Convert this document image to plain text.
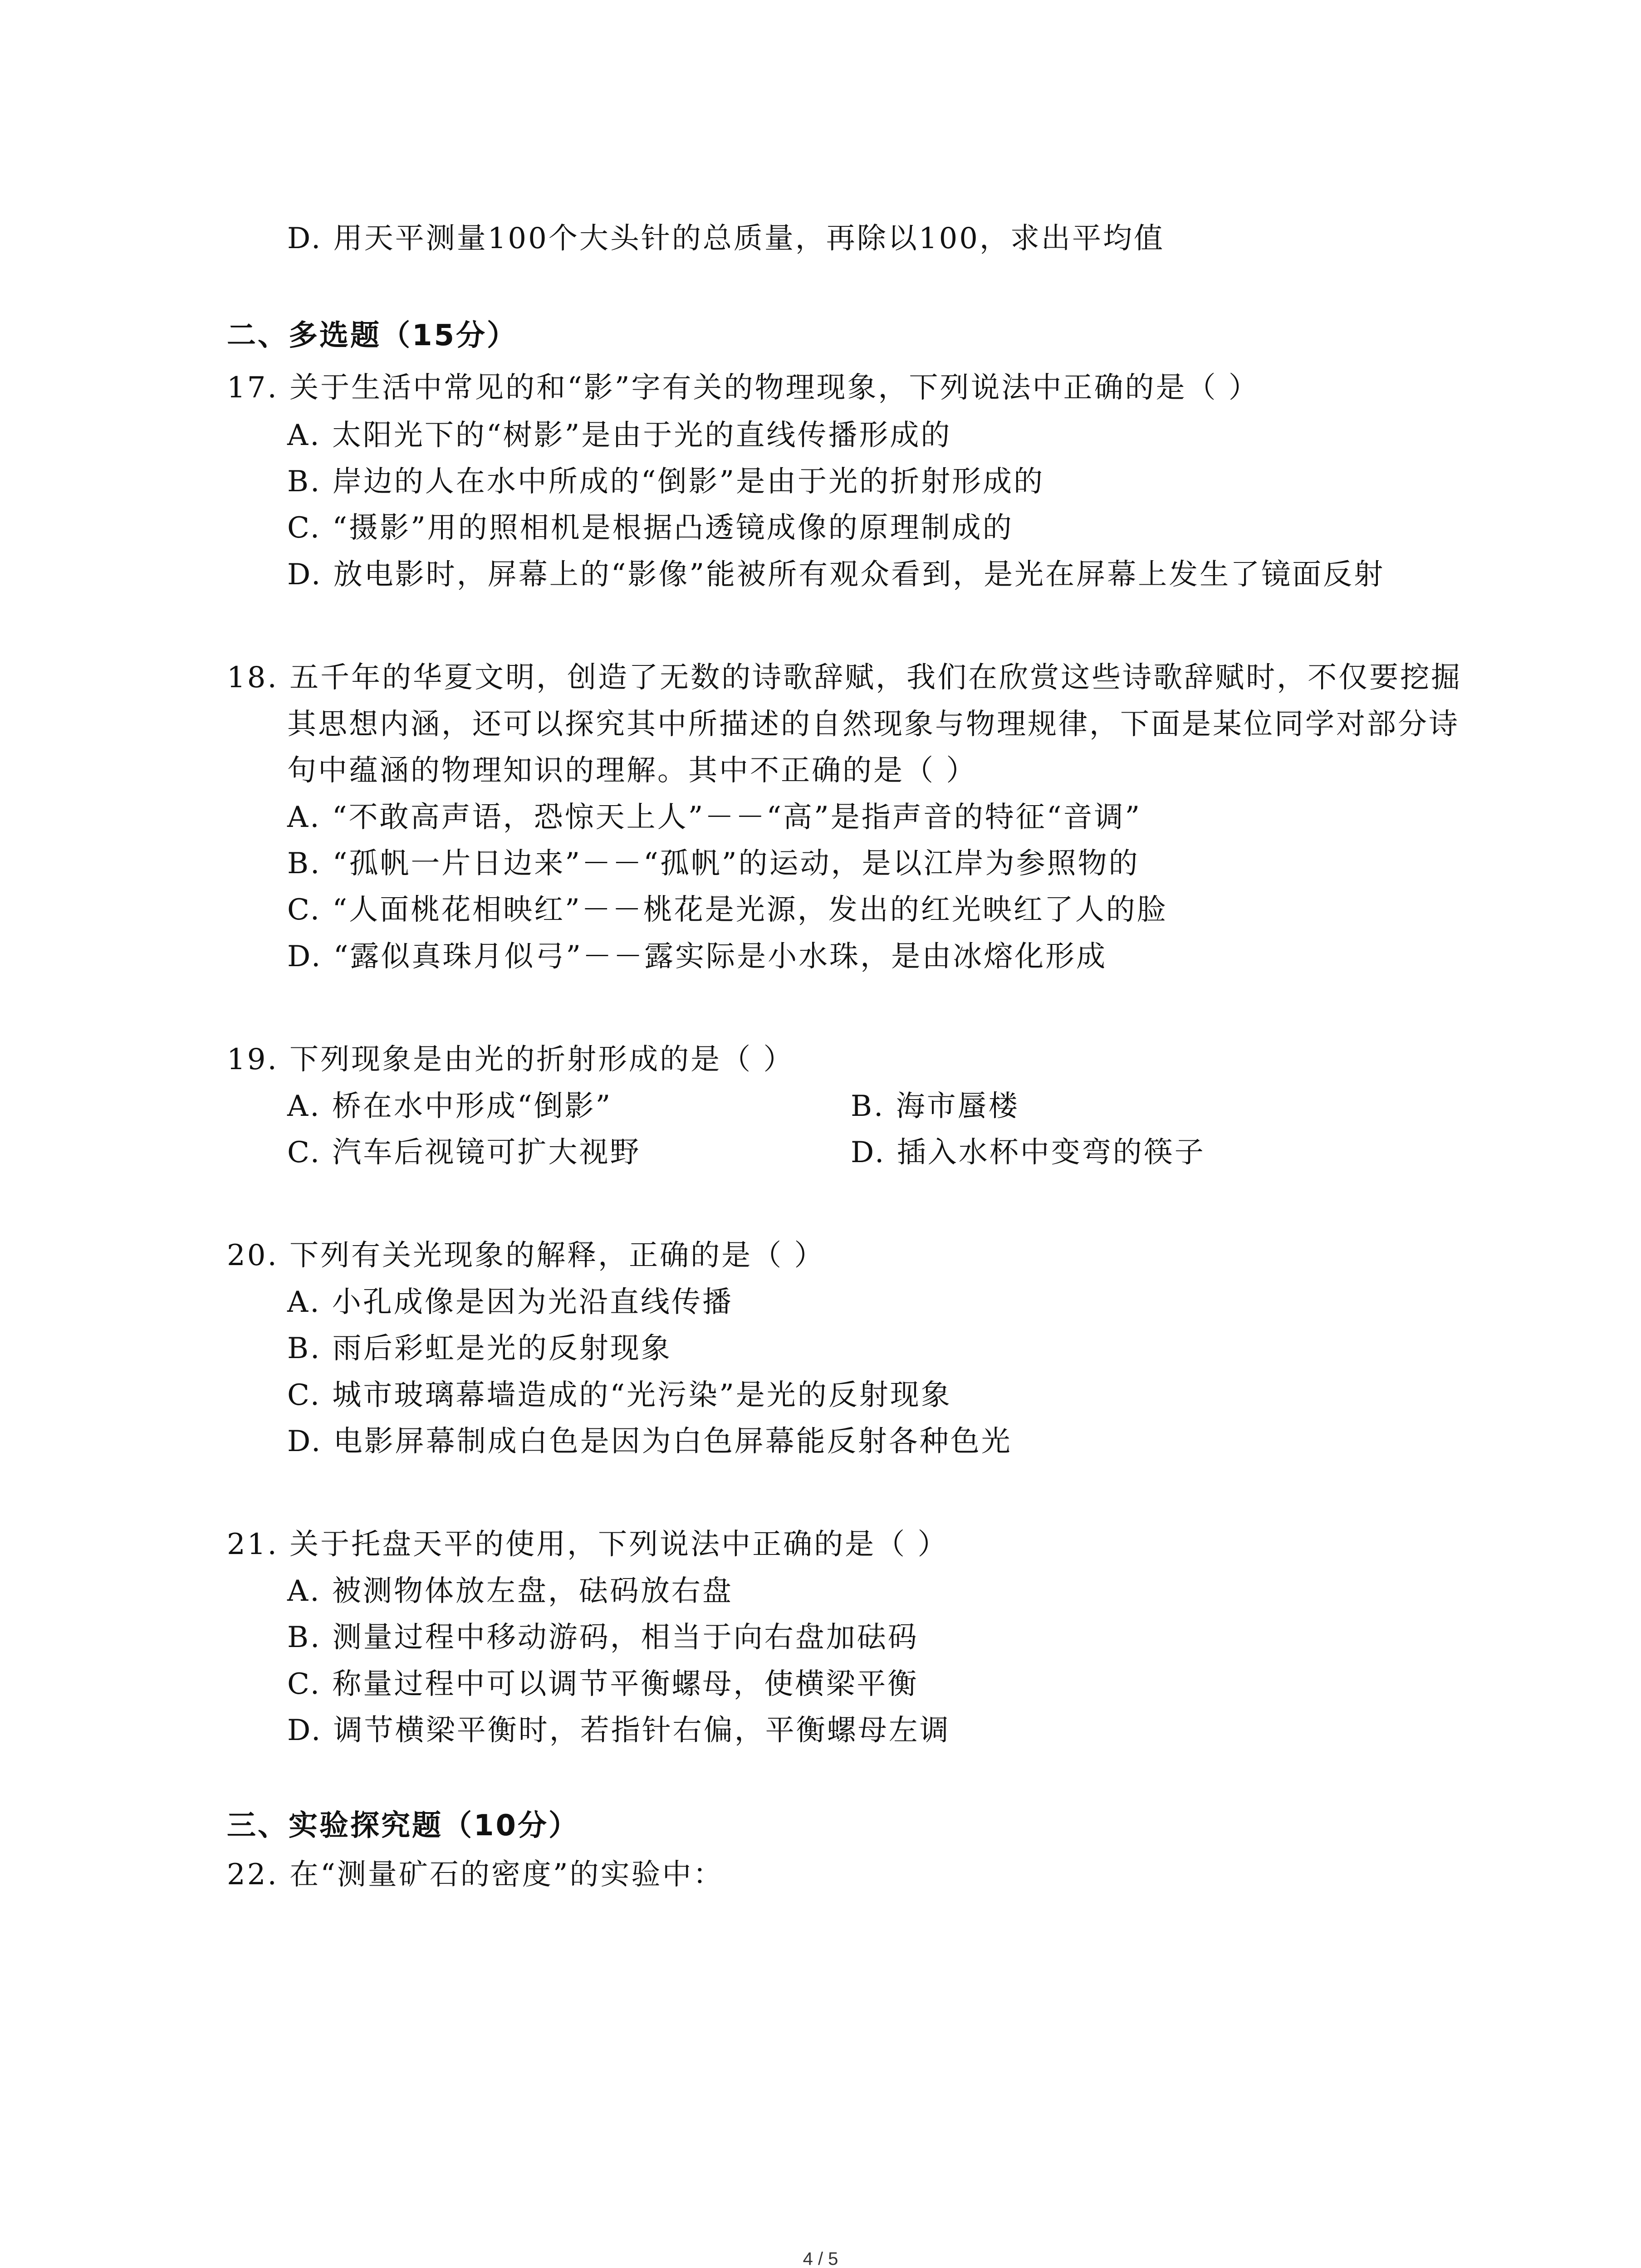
D. 用天平测量100个大头针的总质量，再除以100，求出平均值
二、多选题（15分）
17. 关于生活中常见的和“影”字有关的物理现象，下列说法中正确的是（ ）
A. 太阳光下的“树影”是由于光的直线传播形成的
B. 岸边的人在水中所成的“倒影”是由于光的折射形成的
C. “摄影”用的照相机是根据凸透镜成像的原理制成的
D. 放电影时，屏幕上的“影像”能被所有观众看到，是光在屏幕上发生了镜面反射
18. 五千年的华夏文明，创造了无数的诗歌辞赋，我们在欣赏这些诗歌辞赋时，不仅要挖掘
其思想内涵，还可以探究其中所描述的自然现象与物理规律，下面是某位同学对部分诗
句中蕴涵的物理知识的理解。其中不正确的是（ ）
A. “不敢高声语，恐惊天上人”－－“高”是指声音的特征“音调”
B. “孤帆一片日边来”－－“孤帆”的运动，是以江岸为参照物的
C. “人面桃花相映红”－－桃花是光源，发出的红光映红了人的脸
D. “露似真珠月似弓”－－露实际是小水珠，是由冰熔化形成
19. 下列现象是由光的折射形成的是（ ）
A. 桥在水中形成“倒影”	B. 海市蜃楼
C. 汽车后视镜可扩大视野	D. 插入水杯中变弯的筷子
20. 下列有关光现象的解释，正确的是（ ）
A. 小孔成像是因为光沿直线传播
B. 雨后彩虹是光的反射现象
C. 城市玻璃幕墙造成的“光污染”是光的反射现象
D. 电影屏幕制成白色是因为白色屏幕能反射各种色光
21. 关于托盘天平的使用，下列说法中正确的是（ ）
A. 被测物体放左盘，砝码放右盘
B. 测量过程中移动游码，相当于向右盘加砝码
C. 称量过程中可以调节平衡螺母，使横梁平衡
D. 调节横梁平衡时，若指针右偏，平衡螺母左调
三、实验探究题（10分）
22. 在“测量矿石的密度”的实验中：
4 / 5
